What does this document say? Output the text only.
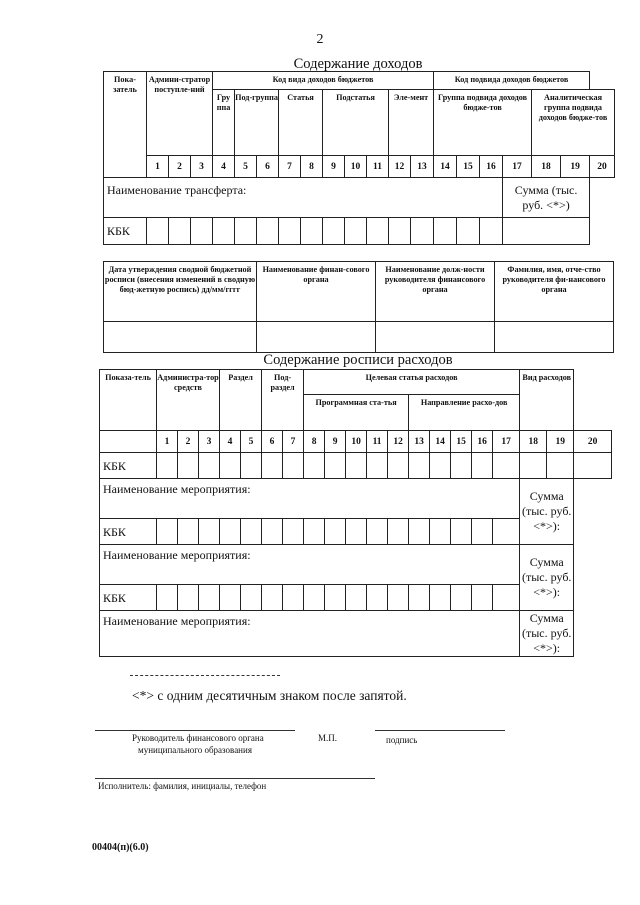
2
Содержание доходов
Пока-затель	Админи-стратор поступле-ний			Код вида доходов бюджетов										Код подвида доходов бюджетов						
				Гру ппа	Под-группа		Статья		Подстатья			Эле-мент		Группа подвида доходов бюдже-тов				Аналитическая группа подвида доходов бюдже-тов		
	1	2	3	4	5	6	7	8	9	10	11	12	13	14	15	16	17	18	19	20
Наименование трансферта:																	Сумма (тыс. руб. <*>)			
КБК																				
Дата утверждения сводной бюджетной росписи (внесения изменений в сводную бюд-жетную роспись) дд/мм/гггг	Наименование финан-сового органа	Наименование долж-ности руководителя финансового органа	Фамилия, имя, отче-ство руководителя фи-нансового органа

Содержание росписи расходов
Показа-тель	Администра-тор средств			Раздел		Под-раздел		Целевая статья расходов										Вид расходов		
								Программная ста-тья					Направление расхо-дов							
	1	2	3	4	5	6	7	8	9	10	11	12	13	14	15	16	17	18	19	20
КБК																				
Наименование мероприятия:																		Сумма (тыс. руб. <*>):		
КБК																				
Наименование мероприятия:																		Сумма (тыс. руб. <*>):		
КБК																				
Наименование мероприятия:																		Сумма (тыс. руб. <*>):		
<*> с одним десятичным знаком после запятой.
Руководитель финансового органа
муниципального образования
М.П.	подпись
Исполнитель: фамилия, инициалы, телефон
00404(п)(6.0)
